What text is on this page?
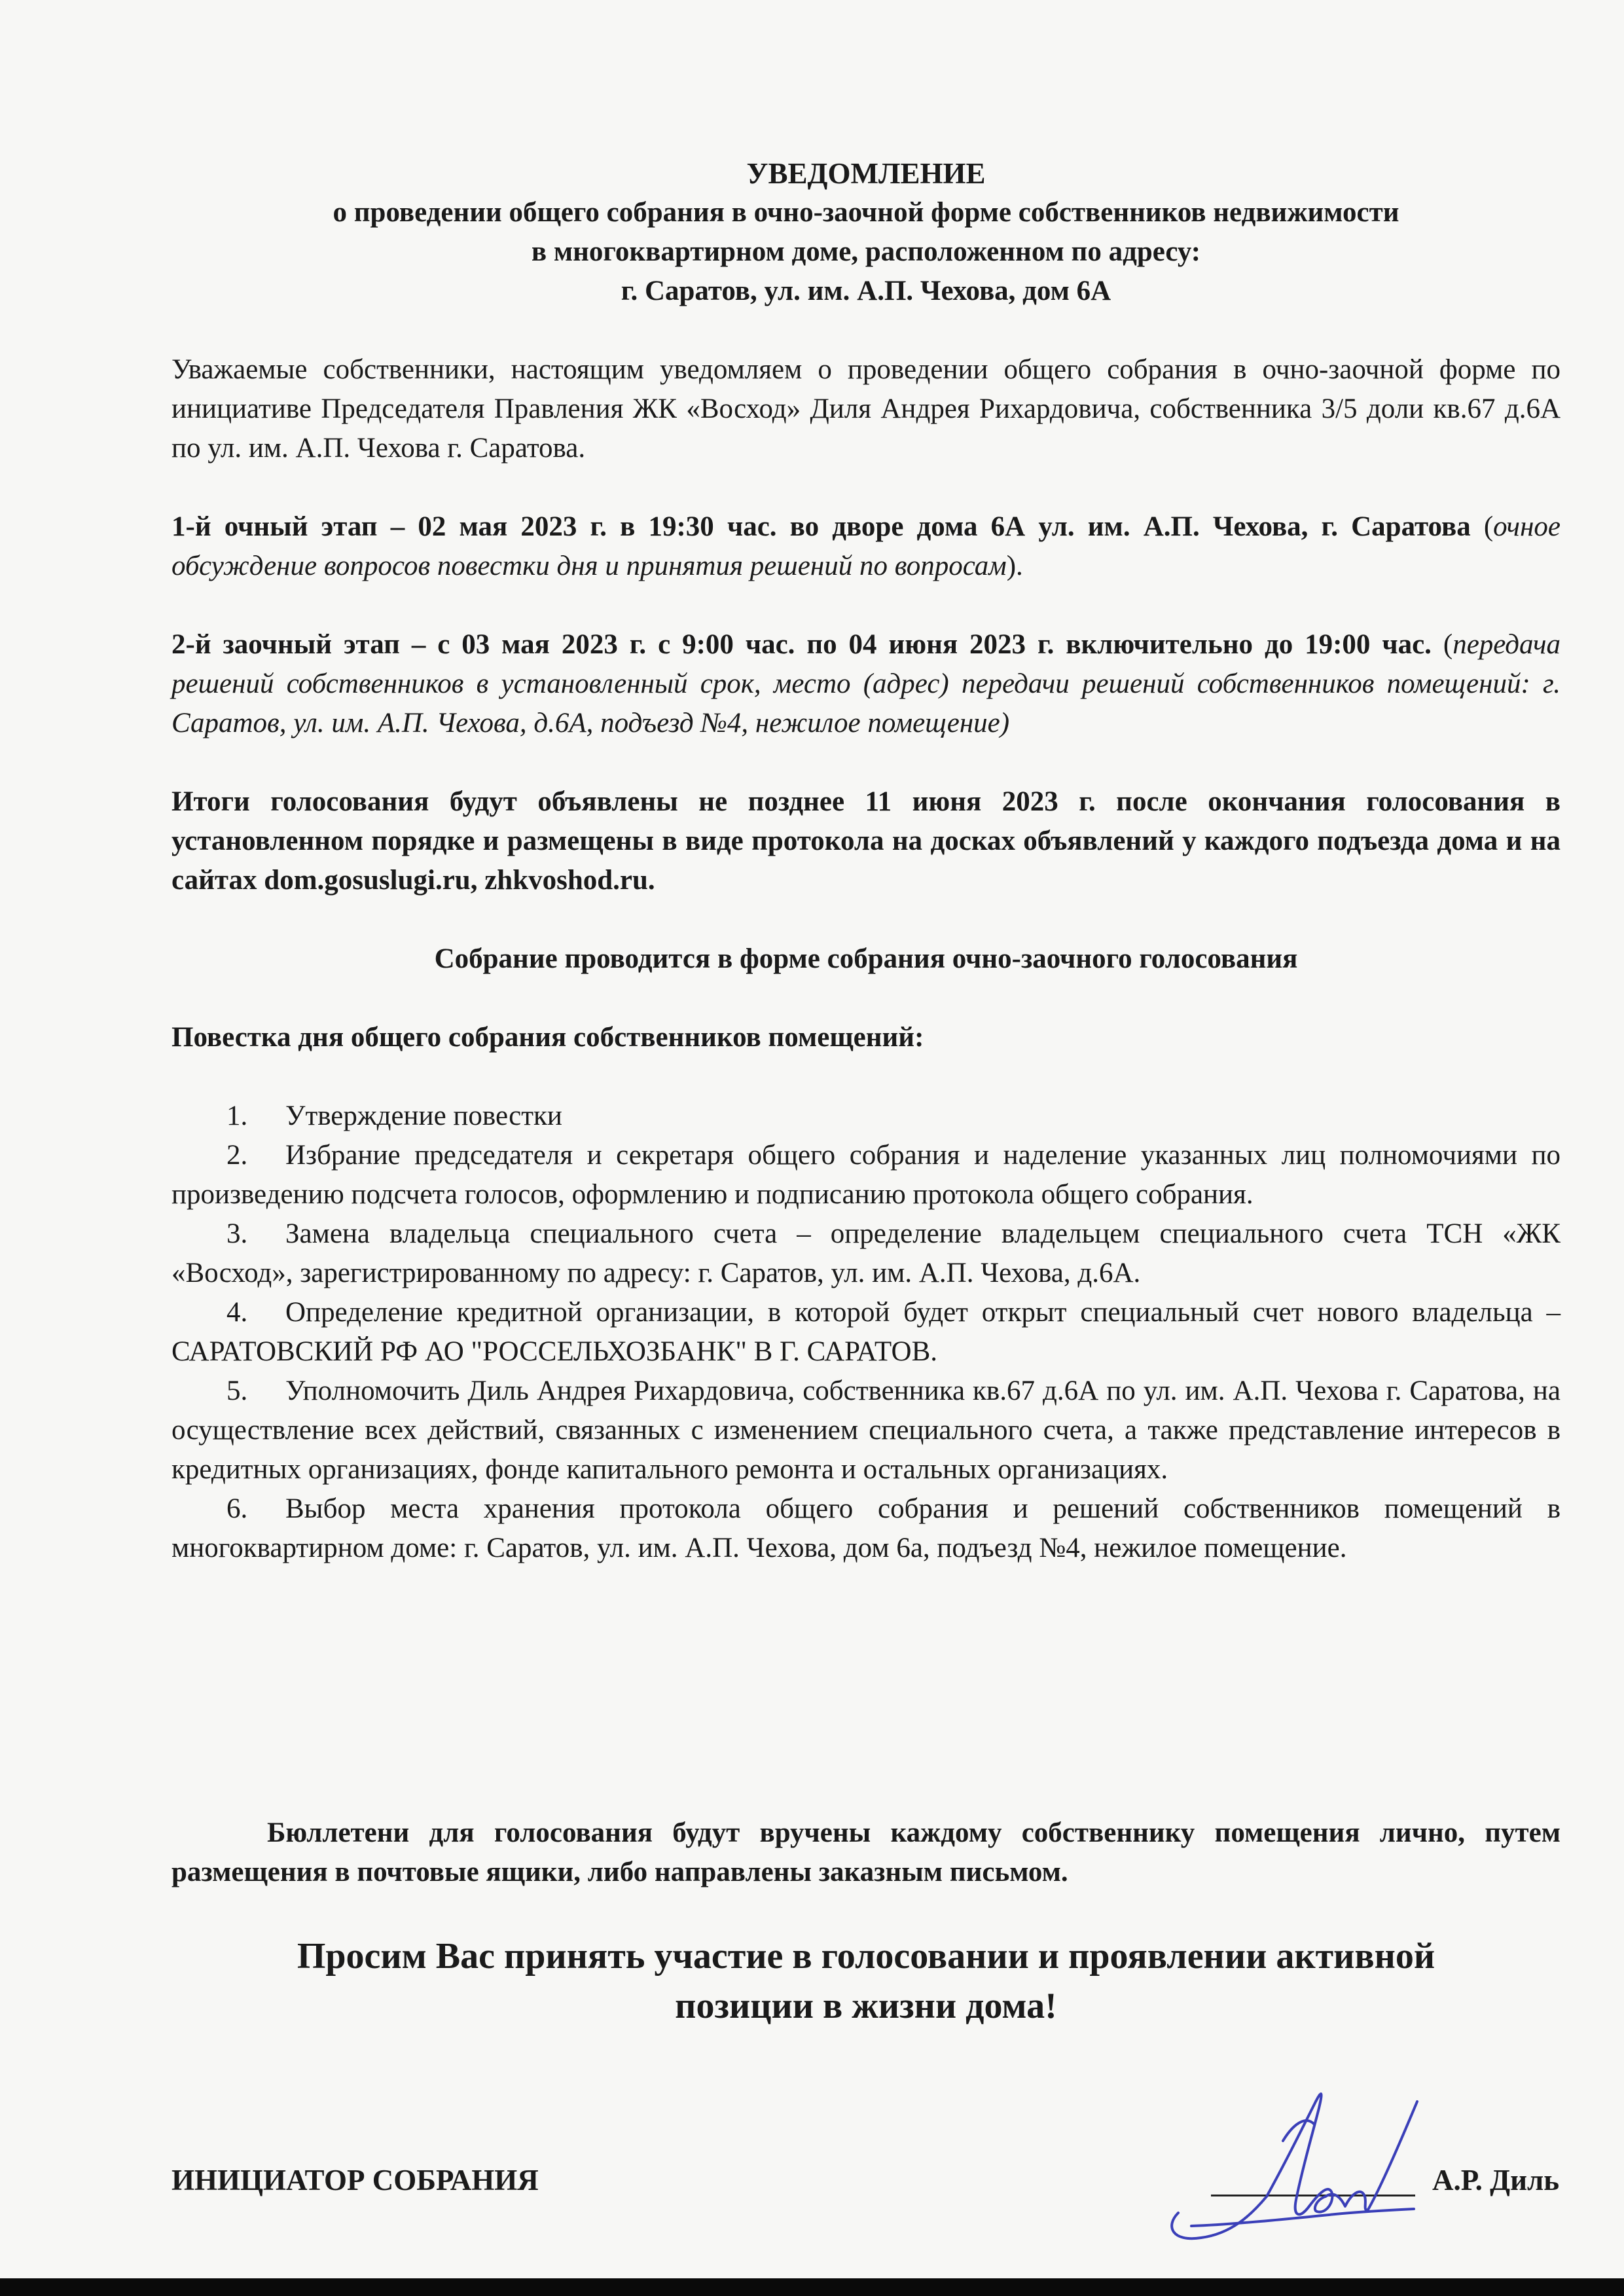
УВЕДОМЛЕНИЕ
о проведении общего собрания в очно-заочной форме собственников недвижимости
в многоквартирном доме, расположенном по адресу:
г. Саратов, ул. им. А.П. Чехова, дом 6А

Уважаемые собственники, настоящим уведомляем о проведении общего собрания в очно-заочной форме по инициативе Председателя Правления ЖК «Восход» Диля Андрея Рихардовича, собственника 3/5 доли кв.67 д.6А по ул. им. А.П. Чехова г. Саратова.

1-й очный этап – 02 мая 2023 г. в 19:30 час. во дворе дома 6А ул. им. А.П. Чехова, г. Саратова (очное обсуждение вопросов повестки дня и принятия решений по вопросам).

2-й заочный этап – с 03 мая 2023 г. с 9:00 час. по 04 июня 2023 г. включительно до 19:00 час. (передача решений собственников в установленный срок, место (адрес) передачи решений собственников помещений: г. Саратов, ул. им. А.П. Чехова, д.6А, подъезд №4, нежилое помещение)

Итоги голосования будут объявлены не позднее 11 июня 2023 г. после окончания голосования в установленном порядке и размещены в виде протокола на досках объявлений у каждого подъезда дома и на сайтах dom.gosuslugi.ru, zhkvoshod.ru.

Собрание проводится в форме собрания очно-заочного голосования

Повестка дня общего собрания собственников помещений:

1. Утверждение повестки
2. Избрание председателя и секретаря общего собрания и наделение указанных лиц полномочиями по произведению подсчета голосов, оформлению и подписанию протокола общего собрания.
3. Замена владельца специального счета – определение владельцем специального счета ТСН «ЖК «Восход», зарегистрированному по адресу: г. Саратов, ул. им. А.П. Чехова, д.6А.
4. Определение кредитной организации, в которой будет открыт специальный счет нового владельца – САРАТОВСКИЙ РФ АО "РОССЕЛЬХОЗБАНК" В Г. САРАТОВ.
5. Уполномочить Диль Андрея Рихардовича, собственника кв.67 д.6А по ул. им. А.П. Чехова г. Саратова, на осуществление всех действий, связанных с изменением специального счета, а также представление интересов в кредитных организациях, фонде капитального ремонта и остальных организациях.
6. Выбор места хранения протокола общего собрания и решений собственников помещений в многоквартирном доме: г. Саратов, ул. им. А.П. Чехова, дом 6а, подъезд №4, нежилое помещение.
Бюллетени для голосования будут вручены каждому собственнику помещения лично, путем размещения в почтовые ящики, либо направлены заказным письмом.
Просим Вас принять участие в голосовании и проявлении активной
позиции в жизни дома!
ИНИЦИАТОР СОБРАНИЯ	А.Р. Диль
